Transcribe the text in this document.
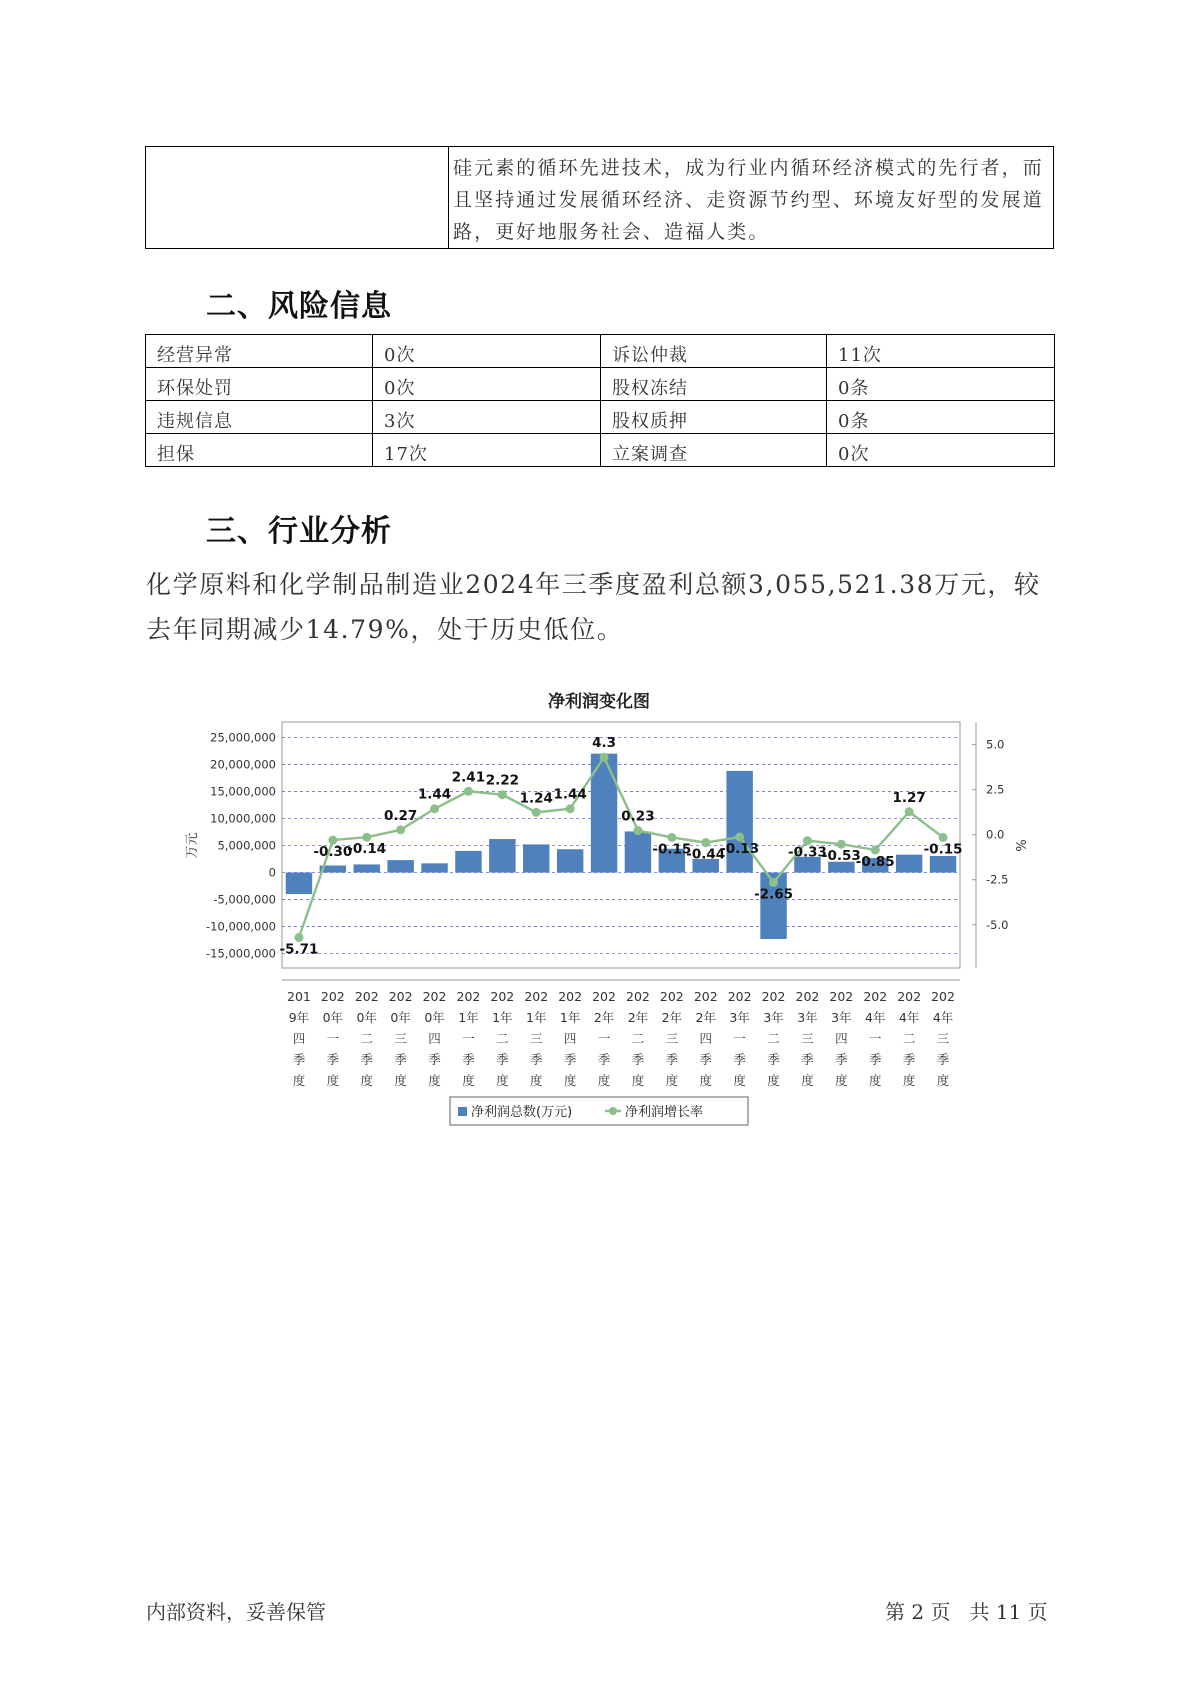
	硅元素的循环先进技术，成为行业内循环经济模式的先行者，而且坚持通过发展循环经济、走资源节约型、环境友好型的发展道路，更好地服务社会、造福人类。
二、风险信息
经营异常	0次	诉讼仲裁	11次
环保处罚	0次	股权冻结	0条
违规信息	3次	股权质押	0条
担保	17次	立案调查	0次
三、行业分析

化学原料和化学制品制造业2024年三季度盈利总额3,055,521.38万元，较去年同期减少14.79%，处于历史低位。

净利润变化图
25,000,000
20,000,000
15,000,000
10,000,000
5,000,000
0
-5,000,000
-10,000,000
-15,000,000
5.0
2.5
0.0
-2.5
-5.0
万元	%
-5.71
-0.30
-0.14
0.27
1.44
2.41 2.22
1.24 1.44
4.3
0.23
-0.15
-0.44
-0.13
-2.65
-0.33
-0.53
-0.85
1.27
-0.15
201
9年
四
季
度
202
0年
一
季
度
202
0年
二
季
度
202
0年
三
季
度
202
0年
四
季
度
202
1年
一
季
度
202
1年
二
季
度
202
1年
三
季
度
202
1年
四
季
度
202
2年
一
季
度
202
2年
二
季
度
202
2年
三
季
度
202
2年
四
季
度
202
3年
一
季
度
202
3年
二
季
度
202
3年
三
季
度
202
3年
四
季
度
202
4年
一
季
度
202
4年
二
季
度
202
4年
三
季
度
净利润总数(万元)	净利润增长率
内部资料，妥善保管	第 2 页   共 11 页
